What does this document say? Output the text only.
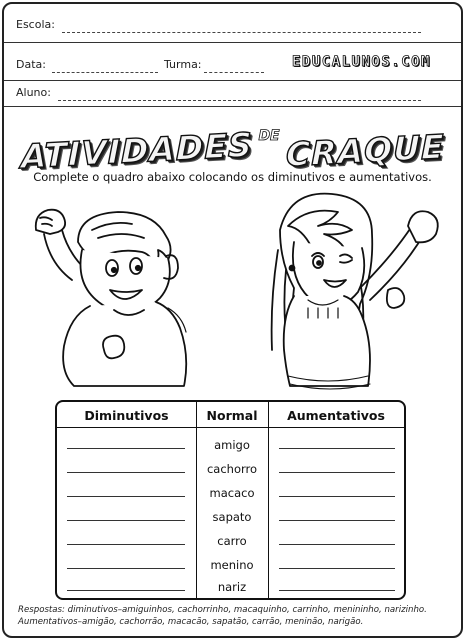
Escola:
Data:	Turma:	EDUCALUNOS.COM
Aluno:
ATIVIDADES DE CRAQUE
Complete o quadro abaixo colocando os diminutivos e aumentativos.
Diminutivos	Normal	Aumentativos
amigo
cachorro
macaco
sapato
carro
menino
nariz
Respostas: diminutivos–amiguinhos, cachorrinho, macaquinho, carrinho, menininho, narizinho.
Aumentativos–amigão, cachorrão, macacão, sapatão, carrão, meninão, narigão.
